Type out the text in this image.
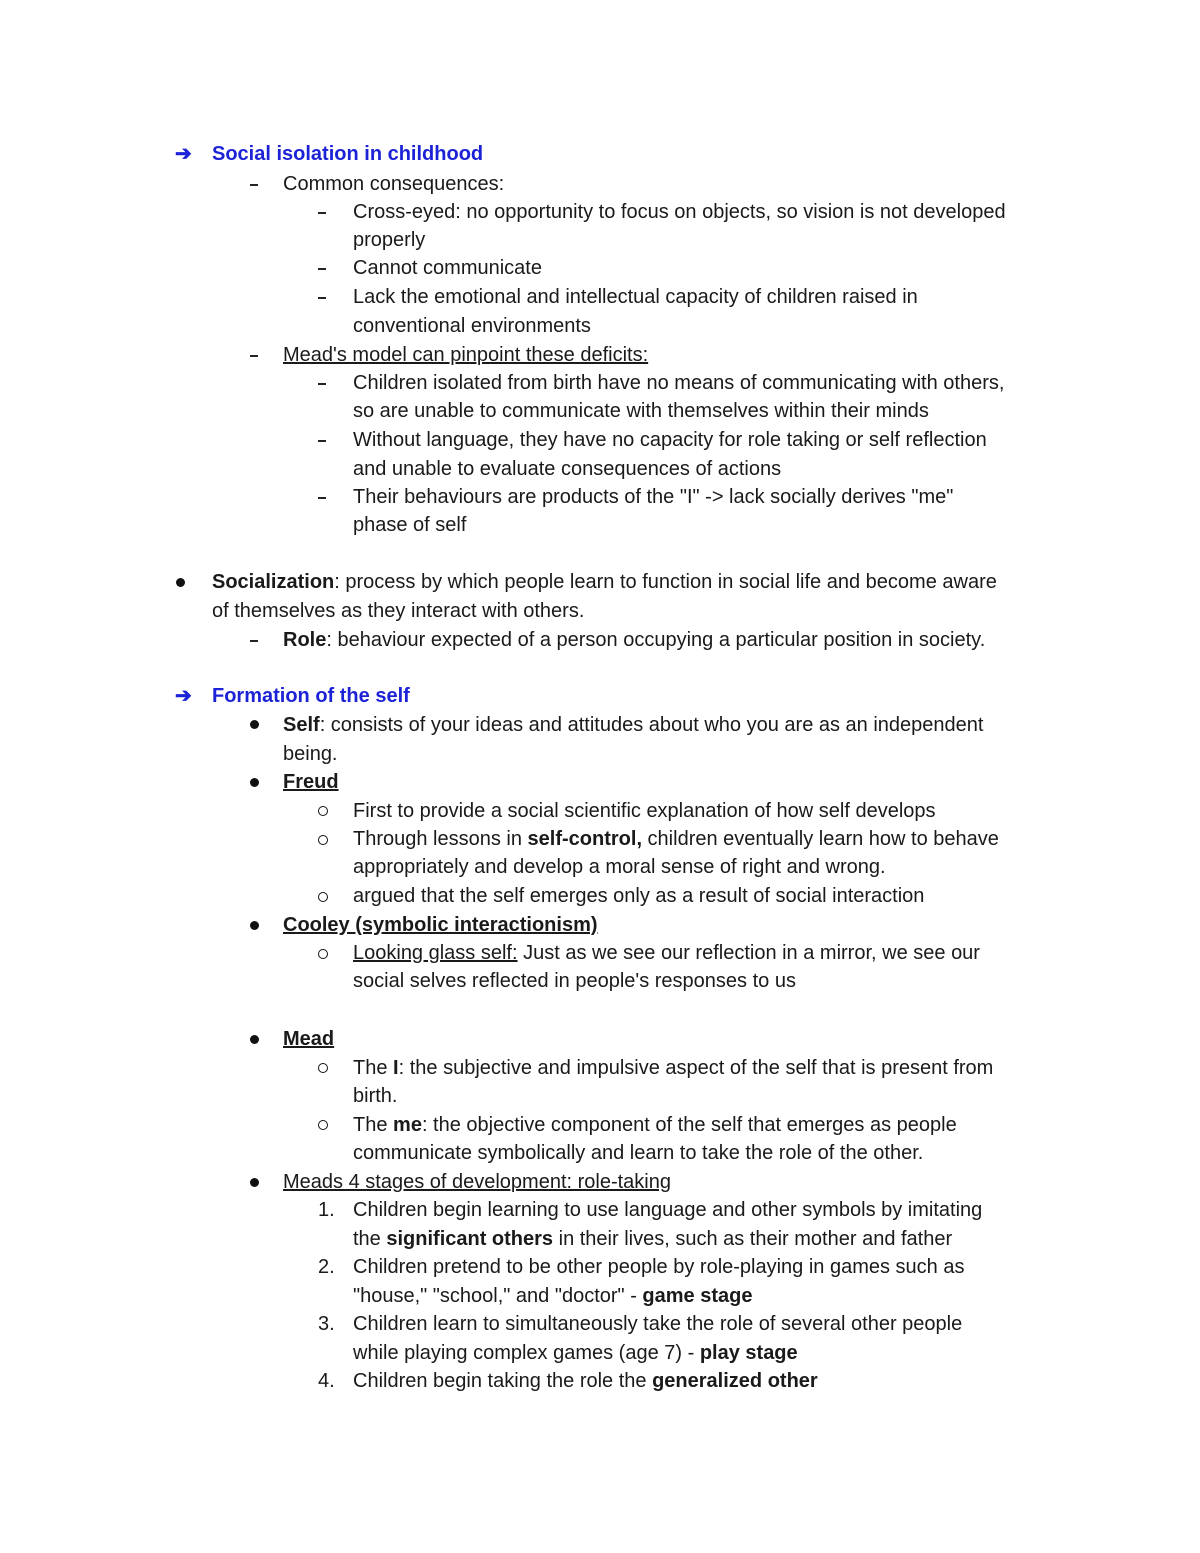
➔ Social isolation in childhood
Common consequences:
Cross-eyed: no opportunity to focus on objects, so vision is not developed
properly
Cannot communicate
Lack the emotional and intellectual capacity of children raised in
conventional environments
Mead's model can pinpoint these deficits:
Children isolated from birth have no means of communicating with others,
so are unable to communicate with themselves within their minds
Without language, they have no capacity for role taking or self reflection
and unable to evaluate consequences of actions
Their behaviours are products of the "I" -> lack socially derives "me"
phase of self
Socialization: process by which people learn to function in social life and become aware
of themselves as they interact with others.
Role: behaviour expected of a person occupying a particular position in society.
➔ Formation of the self
Self: consists of your ideas and attitudes about who you are as an independent
being.
Freud
First to provide a social scientific explanation of how self develops
Through lessons in self-control, children eventually learn how to behave
appropriately and develop a moral sense of right and wrong.
argued that the self emerges only as a result of social interaction
Cooley (symbolic interactionism)
Looking glass self: Just as we see our reflection in a mirror, we see our
social selves reflected in people's responses to us
Mead
The I: the subjective and impulsive aspect of the self that is present from
birth.
The me: the objective component of the self that emerges as people
communicate symbolically and learn to take the role of the other.
Meads 4 stages of development: role-taking
1. Children begin learning to use language and other symbols by imitating
the significant others in their lives, such as their mother and father
2. Children pretend to be other people by role-playing in games such as
"house," "school," and "doctor" - game stage
3. Children learn to simultaneously take the role of several other people
while playing complex games (age 7) - play stage
4. Children begin taking the role the generalized other
